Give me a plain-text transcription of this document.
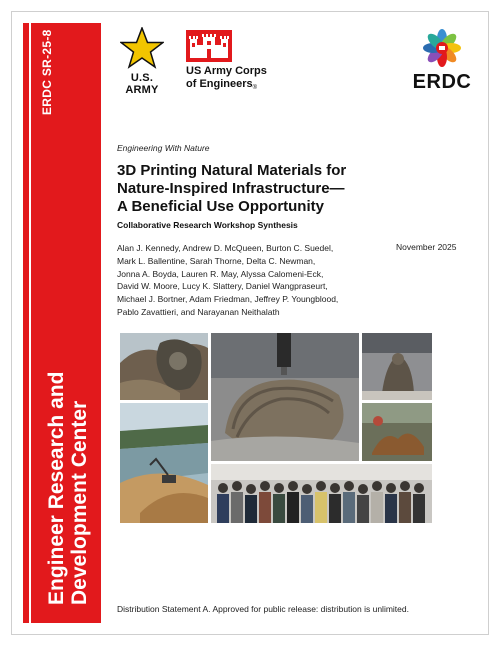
ERDC SR-25-8
Engineer Research and Development Center
U.S. ARMY
US Army Corps
of Engineers®	ERDC
Engineering With Nature
3D Printing Natural Materials for
Nature-Inspired Infrastructure—
A Beneficial Use Opportunity
Collaborative Research Workshop Synthesis
Alan J. Kennedy, Andrew D. McQueen, Burton C. Suedel,
Mark L. Ballentine, Sarah Thorne, Delta C. Newman,
Jonna A. Boyda, Lauren R. May, Alyssa Calomeni-Eck,
David W. Moore, Lucy K. Slattery, Daniel Wangpraseurt,
Michael J. Bortner, Adam Friedman, Jeffrey P. Youngblood,
Pablo Zavattieri, and Narayanan Neithalath
November 2025
Distribution Statement A. Approved for public release: distribution is unlimited.
